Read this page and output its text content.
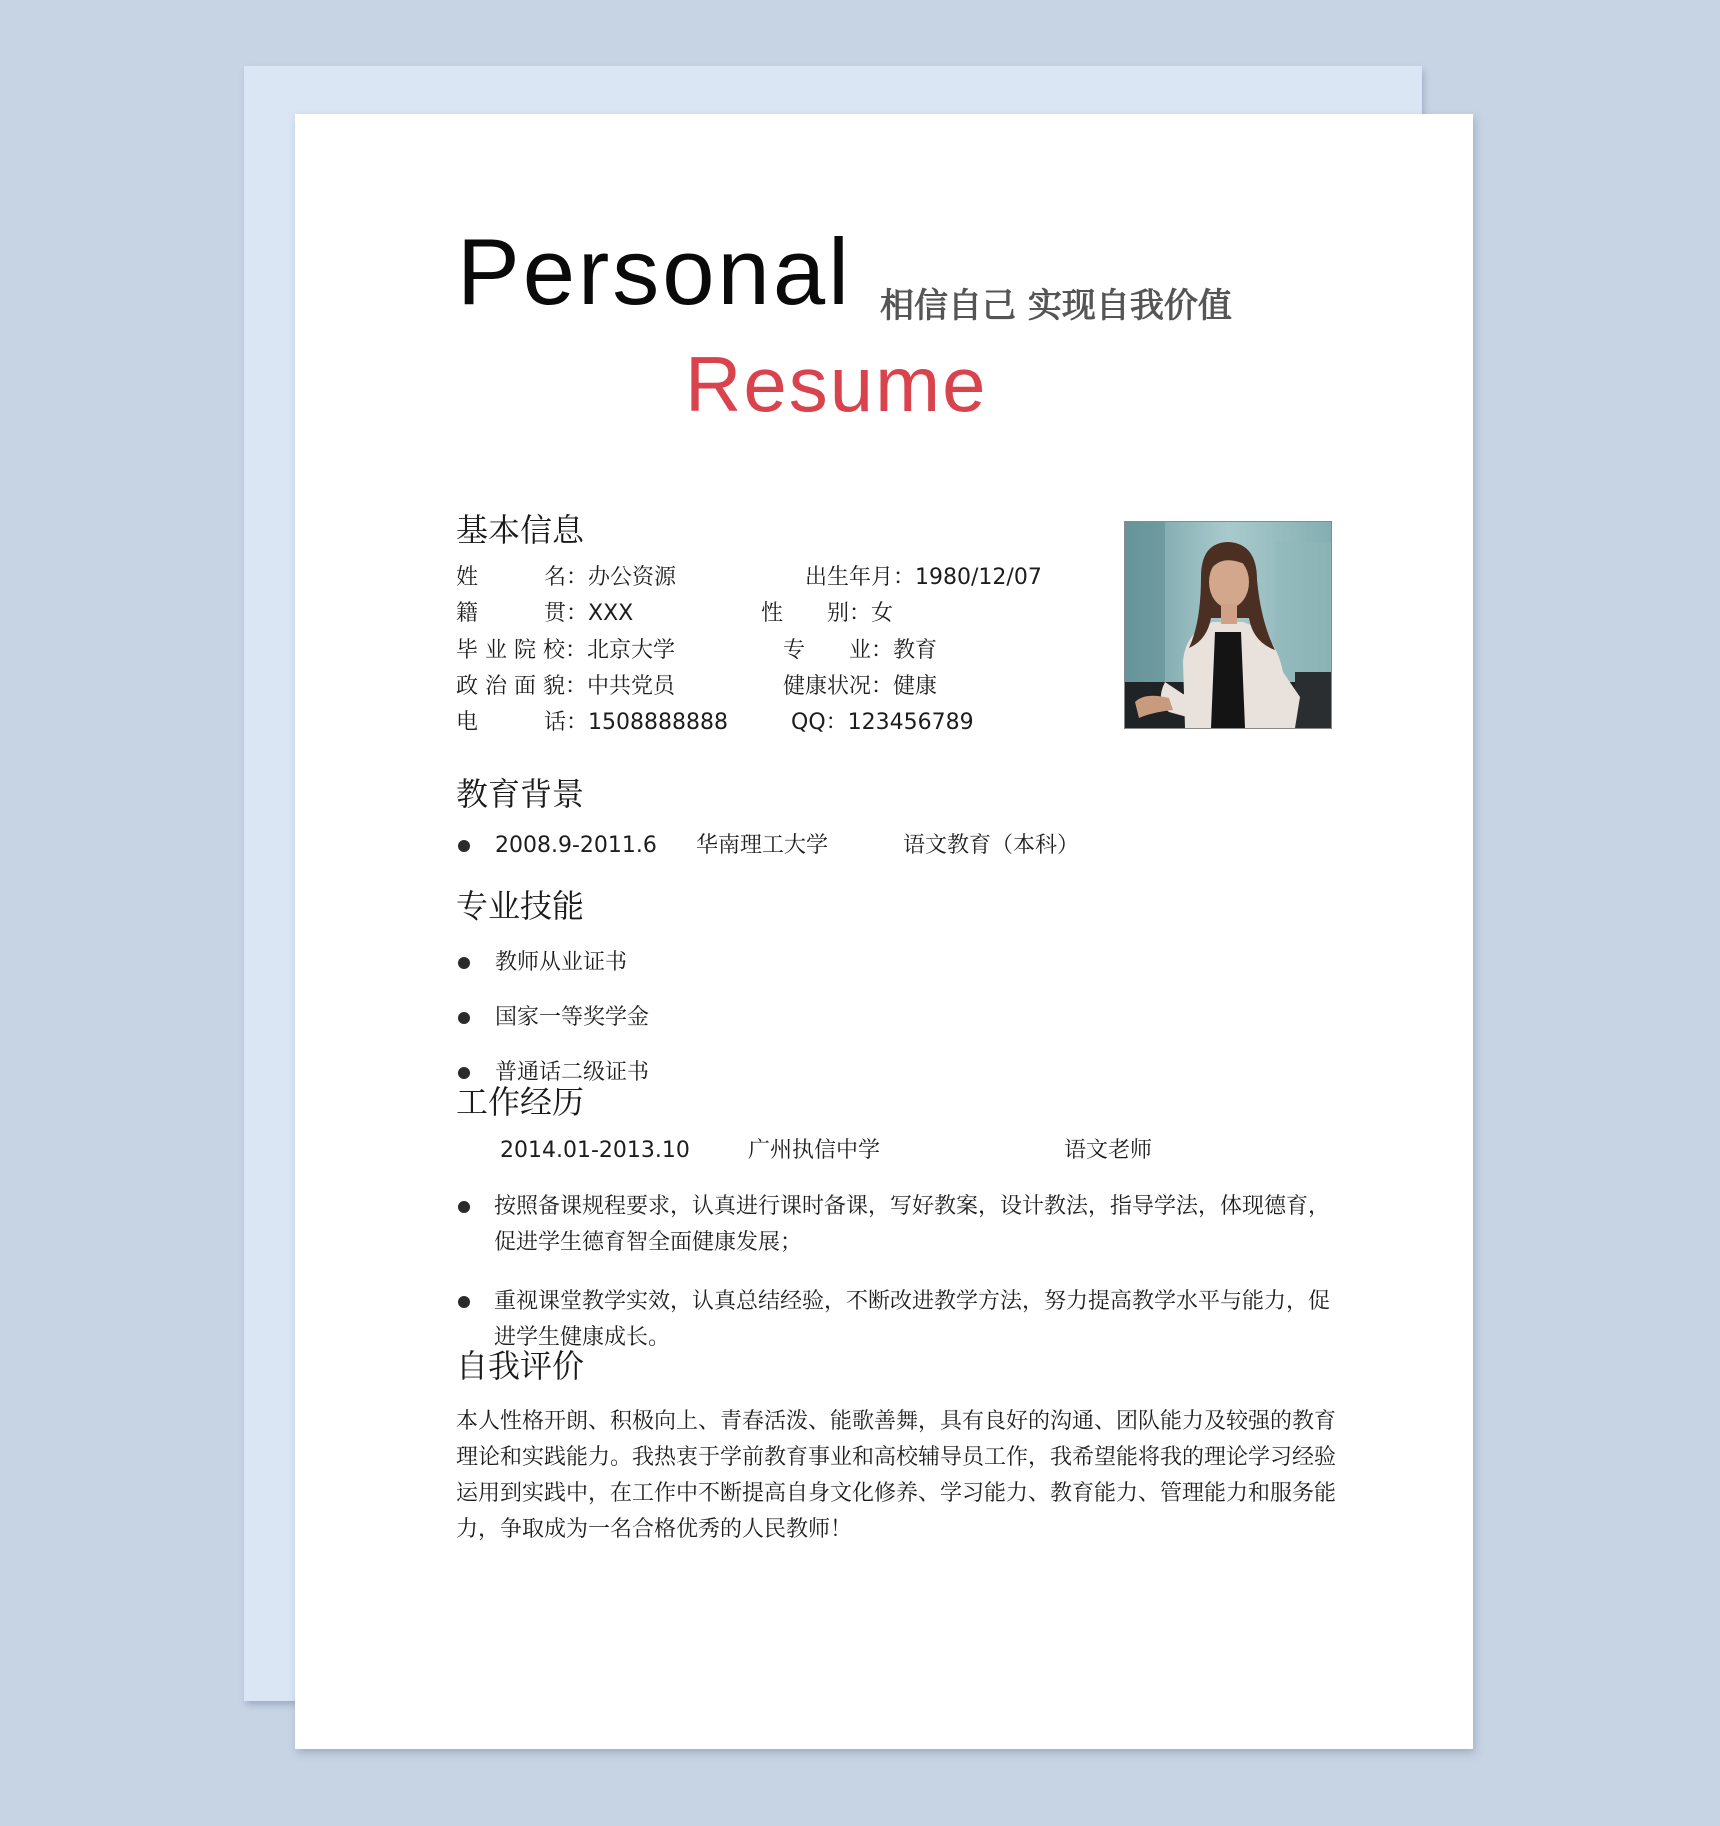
Personal 相信自己 实现自我价值
Resume
基本信息
姓　　　名：办公资源	出生年月：1980/12/07
籍　　　贯：XXX	性　　别：女
毕 业 院 校：北京大学	专　　业：教育
政 治 面 貌：中共党员	健康状况：健康
电　　　话：1508888888	QQ：123456789
教育背景
2008.9-2011.6 华南理工大学	语文教育（本科）
专业技能
教师从业证书
国家一等奖学金
普通话二级证书
工作经历
2014.01-2013.10	广州执信中学	语文老师
按照备课规程要求，认真进行课时备课，写好教案，设计教法，指导学法，体现德育，促进学生德育智全面健康发展；
重视课堂教学实效，认真总结经验，不断改进教学方法，努力提高教学水平与能力，促进学生健康成长。
自我评价
本人性格开朗、积极向上、青春活泼、能歌善舞，具有良好的沟通、团队能力及较强的教育理论和实践能力。我热衷于学前教育事业和高校辅导员工作，我希望能将我的理论学习经验运用到实践中，在工作中不断提高自身文化修养、学习能力、教育能力、管理能力和服务能力，争取成为一名合格优秀的人民教师！
